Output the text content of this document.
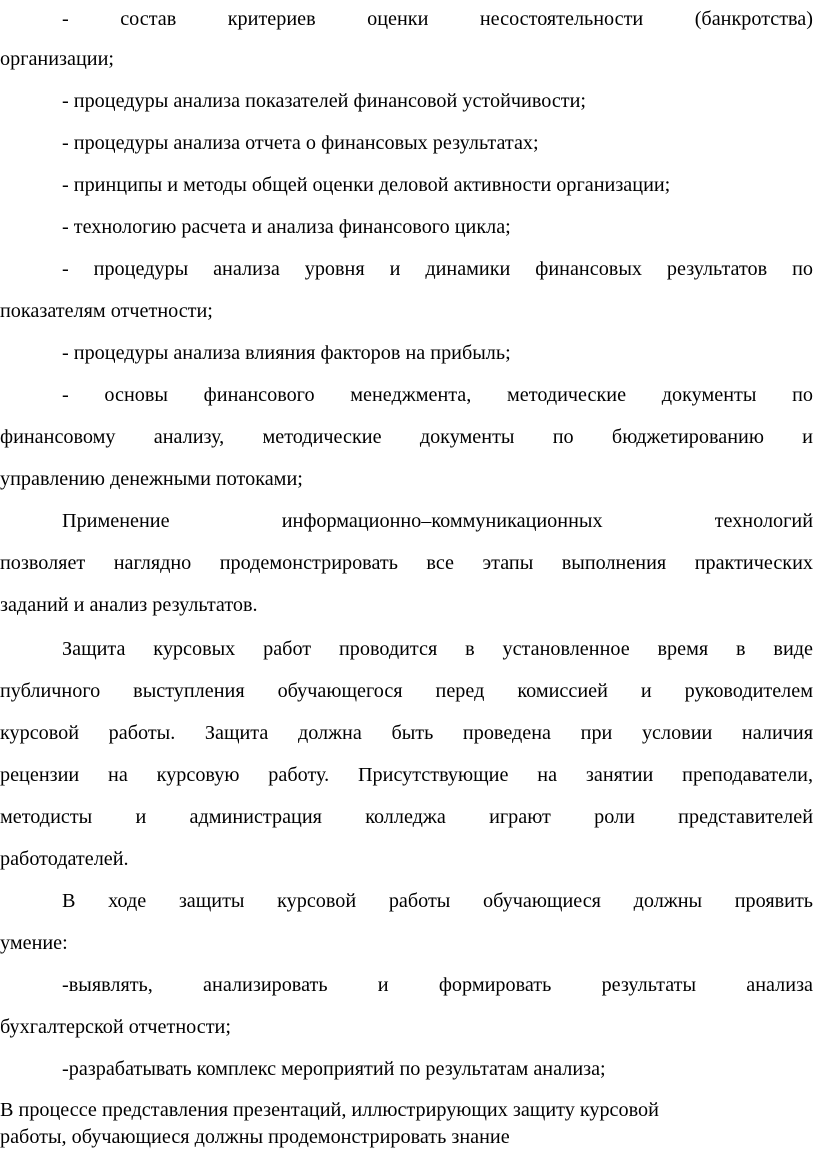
- состав критериев оценки несостоятельности (банкротства)
организации;
- процедуры анализа показателей финансовой устойчивости;
- процедуры анализа отчета о финансовых результатах;
- принципы и методы общей оценки деловой активности организации;
- технологию расчета и анализа финансового цикла;
- процедуры анализа уровня и динамики финансовых результатов по
показателям отчетности;
- процедуры анализа влияния факторов на прибыль;
- основы финансового менеджмента, методические документы по
финансовому анализу, методические документы по бюджетированию и
управлению денежными потоками;
Применение информационно–коммуникационных технологий
позволяет наглядно продемонстрировать все этапы выполнения практических
заданий и анализ результатов.
Защита курсовых работ проводится в установленное время в виде
публичного выступления обучающегося перед комиссией и руководителем
курсовой работы. Защита должна быть проведена при условии наличия
рецензии на курсовую работу. Присутствующие на занятии преподаватели,
методисты и администрация колледжа играют роли представителей
работодателей.
В ходе защиты курсовой работы обучающиеся должны проявить
умение:
-выявлять, анализировать и формировать результаты анализа
бухгалтерской отчетности;
-разрабатывать комплекс мероприятий по результатам анализа;
В процессе представления презентаций, иллюстрирующих защиту курсовой
работы, обучающиеся должны продемонстрировать знание
